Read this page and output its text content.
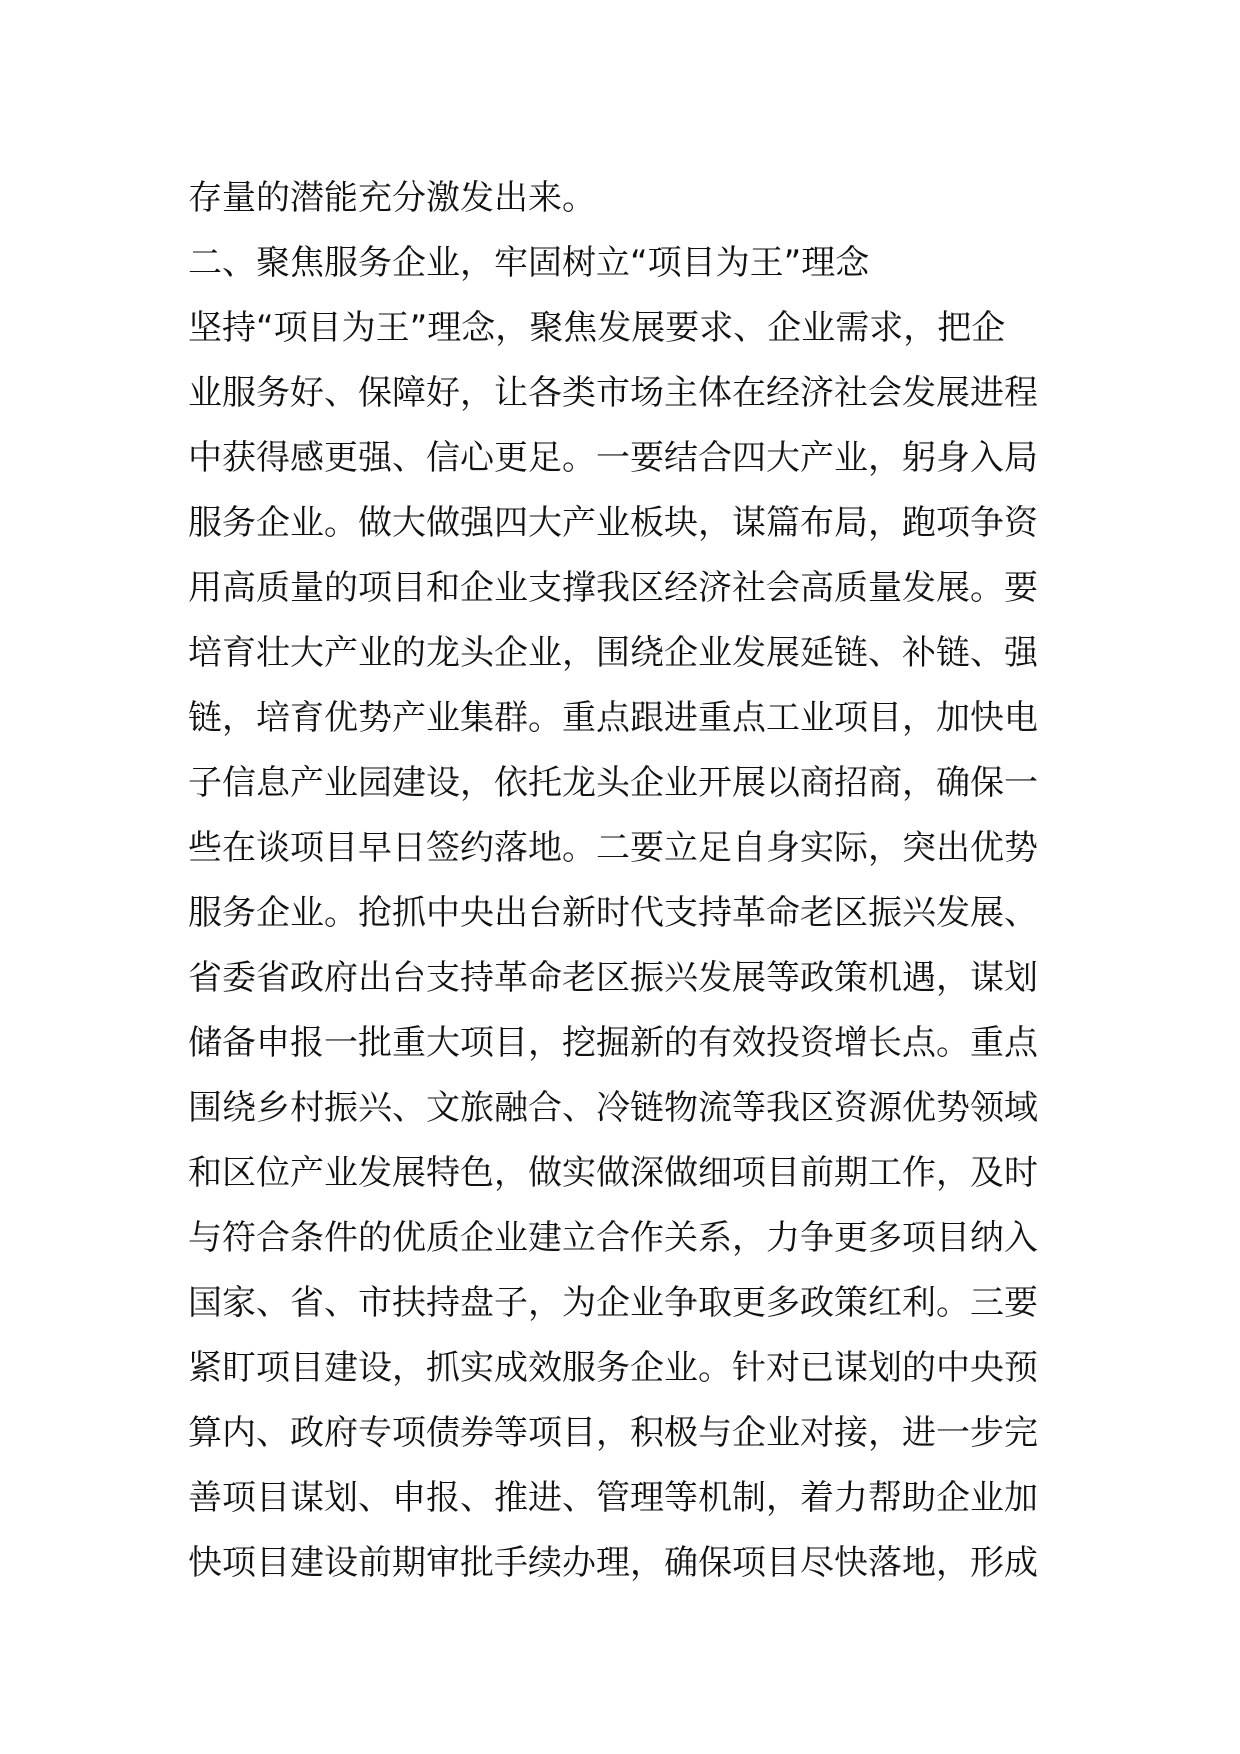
存量的潜能充分激发出来。
二、聚焦服务企业，牢固树立“项目为王”理念
坚持“项目为王”理念，聚焦发展要求、企业需求，把企
业服务好、保障好，让各类市场主体在经济社会发展进程
中获得感更强、信心更足。一要结合四大产业，躬身入局
服务企业。做大做强四大产业板块，谋篇布局，跑项争资
用高质量的项目和企业支撑我区经济社会高质量发展。要
培育壮大产业的龙头企业，围绕企业发展延链、补链、强
链，培育优势产业集群。重点跟进重点工业项目，加快电
子信息产业园建设，依托龙头企业开展以商招商，确保一
些在谈项目早日签约落地。二要立足自身实际，突出优势
服务企业。抢抓中央出台新时代支持革命老区振兴发展、
省委省政府出台支持革命老区振兴发展等政策机遇，谋划
储备申报一批重大项目，挖掘新的有效投资增长点。重点
围绕乡村振兴、文旅融合、冷链物流等我区资源优势领域
和区位产业发展特色，做实做深做细项目前期工作，及时
与符合条件的优质企业建立合作关系，力争更多项目纳入
国家、省、市扶持盘子，为企业争取更多政策红利。三要
紧盯项目建设，抓实成效服务企业。针对已谋划的中央预
算内、政府专项债券等项目，积极与企业对接，进一步完
善项目谋划、申报、推进、管理等机制，着力帮助企业加
快项目建设前期审批手续办理，确保项目尽快落地，形成
